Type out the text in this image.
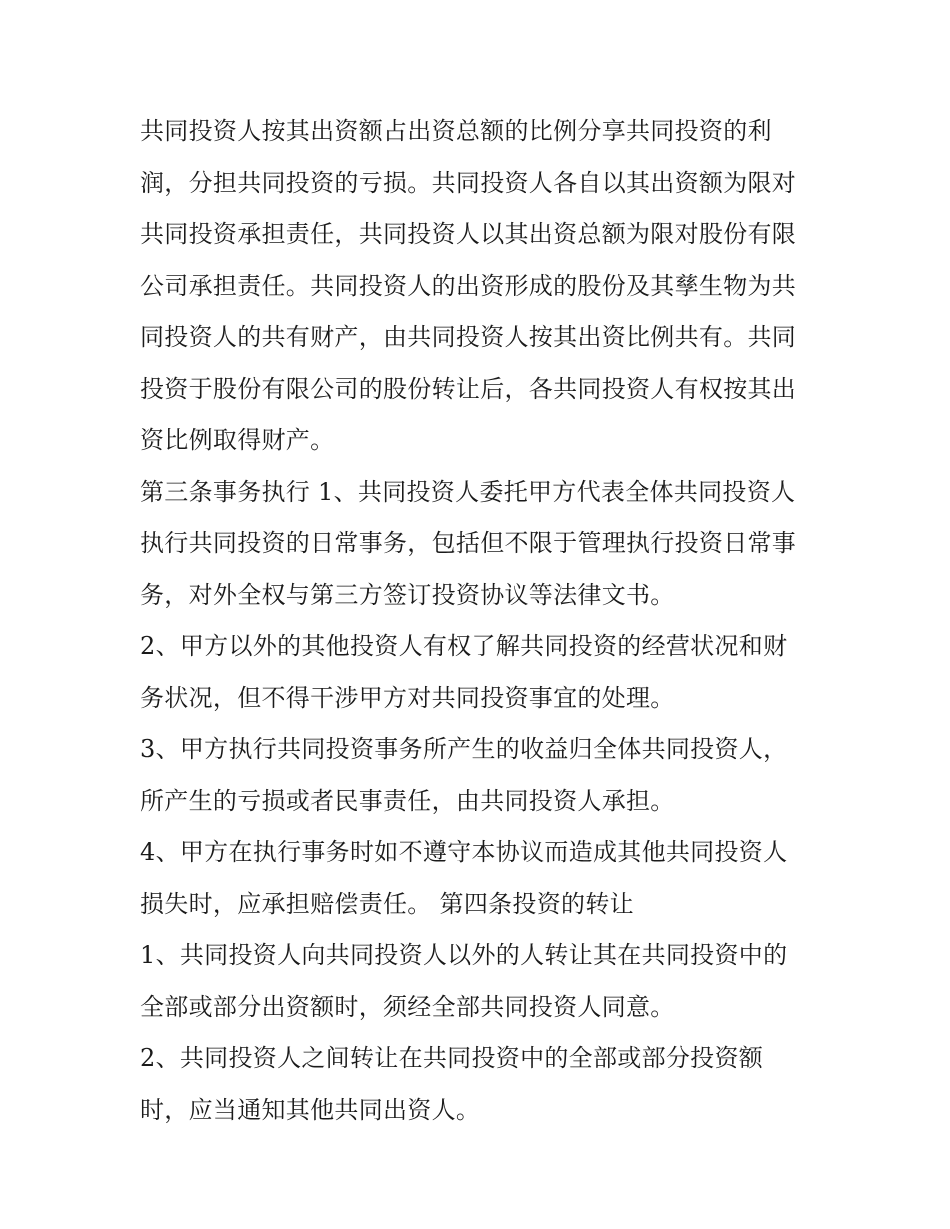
共同投资人按其出资额占出资总额的比例分享共同投资的利
润，分担共同投资的亏损。共同投资人各自以其出资额为限对
共同投资承担责任，共同投资人以其出资总额为限对股份有限
公司承担责任。共同投资人的出资形成的股份及其孳生物为共
同投资人的共有财产，由共同投资人按其出资比例共有。共同
投资于股份有限公司的股份转让后，各共同投资人有权按其出
资比例取得财产。
第三条事务执行 1、共同投资人委托甲方代表全体共同投资人
执行共同投资的日常事务，包括但不限于管理执行投资日常事
务，对外全权与第三方签订投资协议等法律文书。
2、甲方以外的其他投资人有权了解共同投资的经营状况和财
务状况，但不得干涉甲方对共同投资事宜的处理。
3、甲方执行共同投资事务所产生的收益归全体共同投资人，
所产生的亏损或者民事责任，由共同投资人承担。
4、甲方在执行事务时如不遵守本协议而造成其他共同投资人
损失时，应承担赔偿责任。 第四条投资的转让
1、共同投资人向共同投资人以外的人转让其在共同投资中的
全部或部分出资额时，须经全部共同投资人同意。
2、共同投资人之间转让在共同投资中的全部或部分投资额
时，应当通知其他共同出资人。
